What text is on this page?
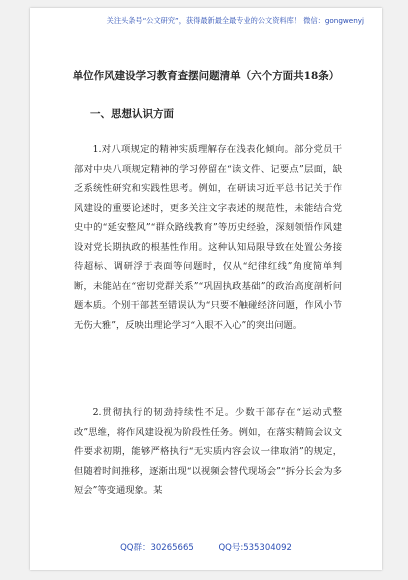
关注头条号“公文研究”，获得最新最全最专业的公文资料库！ 微信：gongwenyj
单位作风建设学习教育查摆问题清单（六个方面共18条）
一、思想认识方面

1.对八项规定的精神实质理解存在浅表化倾向。部分党员干部对中央八项规定精神的学习停留在“读文件、记要点”层面，缺乏系统性研究和实践性思考。例如，在研读习近平总书记关于作风建设的重要论述时，更多关注文字表述的规范性，未能结合党史中的“延安整风”“群众路线教育”等历史经验，深刻领悟作风建设对党长期执政的根基性作用。这种认知局限导致在处置公务接待超标、调研浮于表面等问题时，仅从“纪律红线”角度简单判断，未能站在“密切党群关系”“巩固执政基础”的政治高度剖析问题本质。个别干部甚至错误认为“只要不触碰经济问题，作风小节无伤大雅”，反映出理论学习“入眼不入心”的突出问题。

2.贯彻执行的韧劲持续性不足。少数干部存在“运动式整改”思维，将作风建设视为阶段性任务。例如，在落实精简会议文件要求初期，能够严格执行“无实质内容会议一律取消”的规定，但随着时间推移，逐渐出现“以视频会替代现场会”“拆分长会为多短会”等变通现象。某

QQ群：30265665	QQ号:535304092
